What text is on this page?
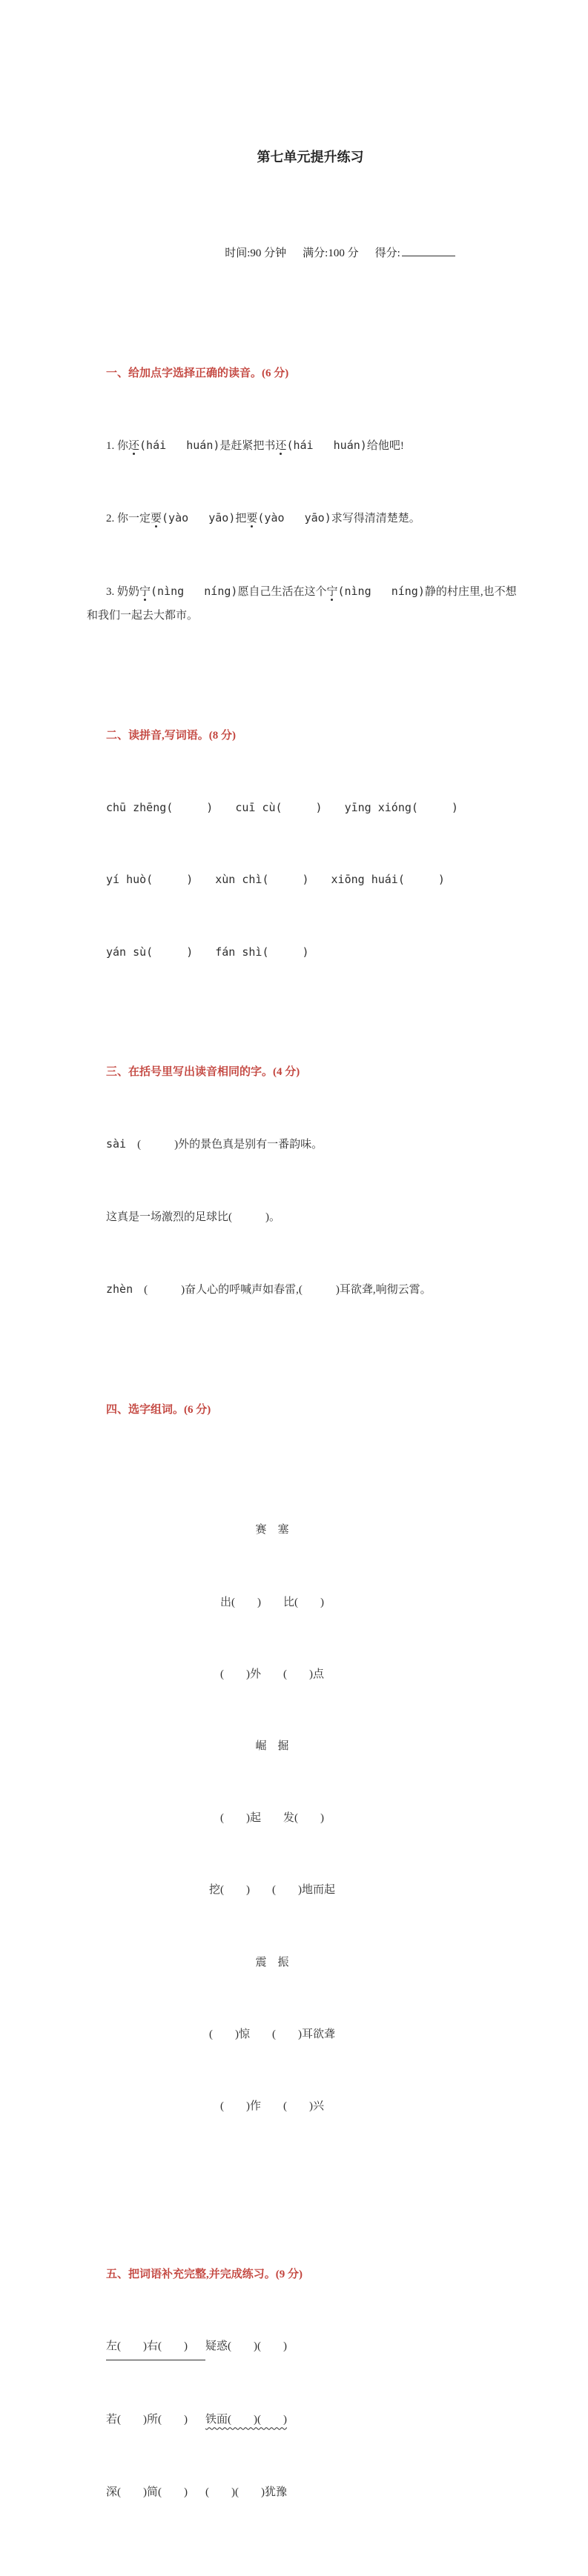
第七单元提升练习

时间:90 分钟 满分:100 分 得分:

一、给加点字选择正确的读音。(6 分)

1. 你还(hái   huán)是赶紧把书还(hái   huán)给他吧!

2. 你一定要(yào   yāo)把要(yào   yāo)求写得清清楚楚。

3. 奶奶宁(nìng   níng)愿自己生活在这个宁(nìng   níng)静的村庄里,也不想和我们一起去大都市。

二、读拼音,写词语。(8 分)

chū zhēng(　　　)　　cuī cù(　　　)　　yīng xióng(　　　)

yí huò(　　　)　　xùn chì(　　　)　　xiōng huái(　　　)

yán sù(　　　)　　fán shì(　　　)

三、在括号里写出读音相同的字。(4 分)

sài　(　　　)外的景色真是别有一番韵味。

这真是一场激烈的足球比(　　　)。

zhèn　(　　　)奋人心的呼喊声如春雷,(　　　)耳欲聋,响彻云霄。

四、选字组词。(6 分)

赛　塞

出(　　)　　比(　　)

(　　)外　　(　　)点

崛　掘

(　　)起　　发(　　)

挖(　　)　　(　　)地而起

震　振

(　　)惊　　(　　)耳欲聋

(　　)作　　(　　)兴

五、把词语补充完整,并完成练习。(9 分)

左(　　)右(　　) 疑惑(　　)(　　)

若(　　)所(　　) 铁面(　　)(　　)

深(　　)简(　　) (　　)(　　)犹豫
